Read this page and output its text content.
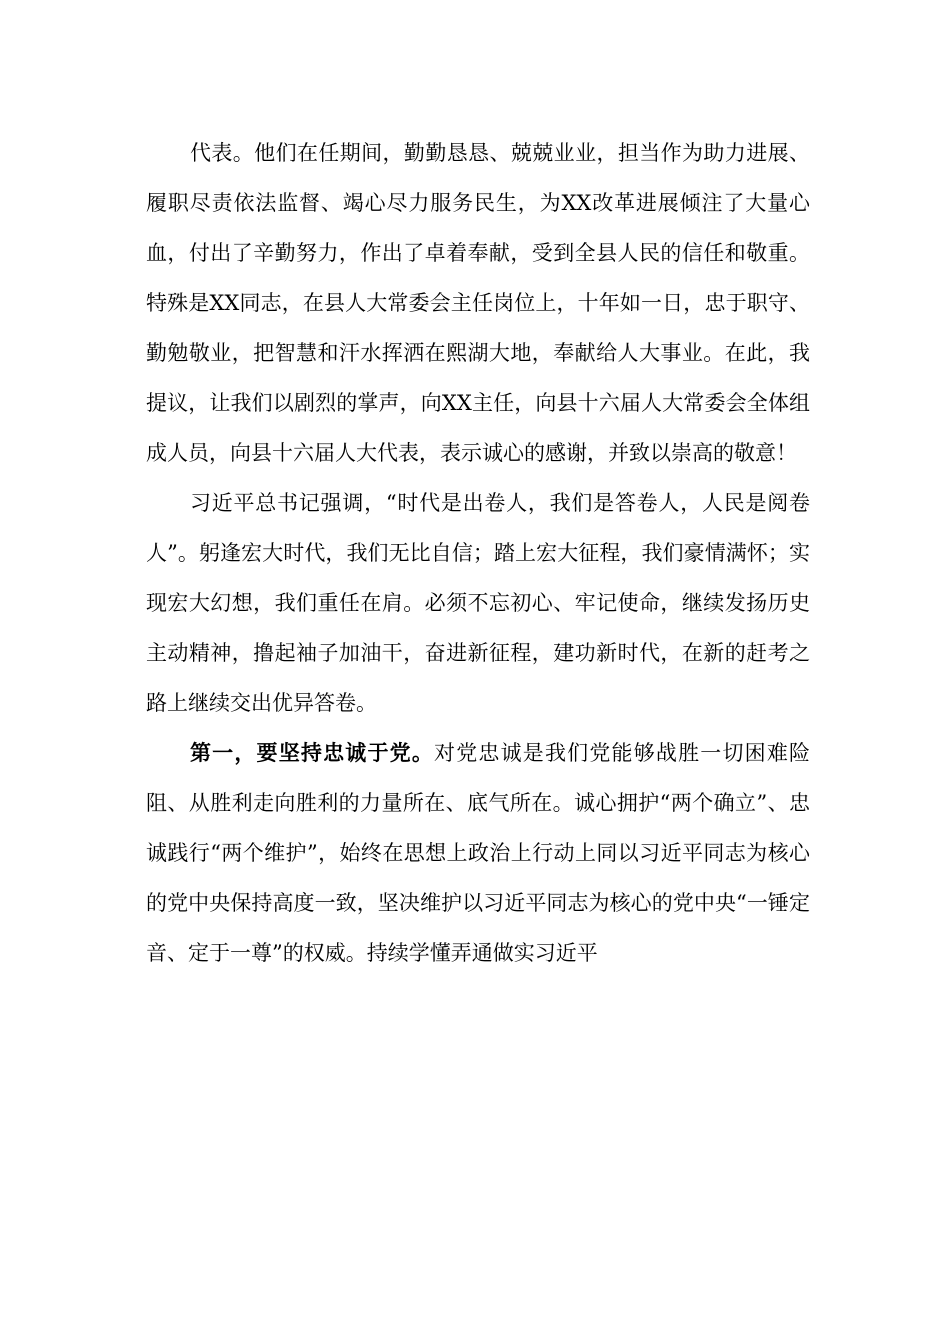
代表。他们在任期间，勤勤恳恳、兢兢业业，担当作为助力进展、履职尽责依法监督、竭心尽力服务民生，为XX改革进展倾注了大量心血，付出了辛勤努力，作出了卓着奉献，受到全县人民的信任和敬重。特殊是XX同志，在县人大常委会主任岗位上，十年如一日，忠于职守、勤勉敬业，把智慧和汗水挥洒在熙湖大地，奉献给人大事业。在此，我提议，让我们以剧烈的掌声，向XX主任，向县十六届人大常委会全体组成人员，向县十六届人大代表，表示诚心的感谢，并致以崇高的敬意！

习近平总书记强调，“时代是出卷人，我们是答卷人，人民是阅卷人”。躬逢宏大时代，我们无比自信；踏上宏大征程，我们豪情满怀；实现宏大幻想，我们重任在肩。必须不忘初心、牢记使命，继续发扬历史主动精神，撸起袖子加油干，奋进新征程，建功新时代，在新的赶考之路上继续交出优异答卷。

第一，要坚持忠诚于党。对党忠诚是我们党能够战胜一切困难险阻、从胜利走向胜利的力量所在、底气所在。诚心拥护“两个确立”、忠诚践行“两个维护”，始终在思想上政治上行动上同以习近平同志为核心的党中央保持高度一致，坚决维护以习近平同志为核心的党中央“一锤定音、定于一尊”的权威。持续学懂弄通做实习近平
